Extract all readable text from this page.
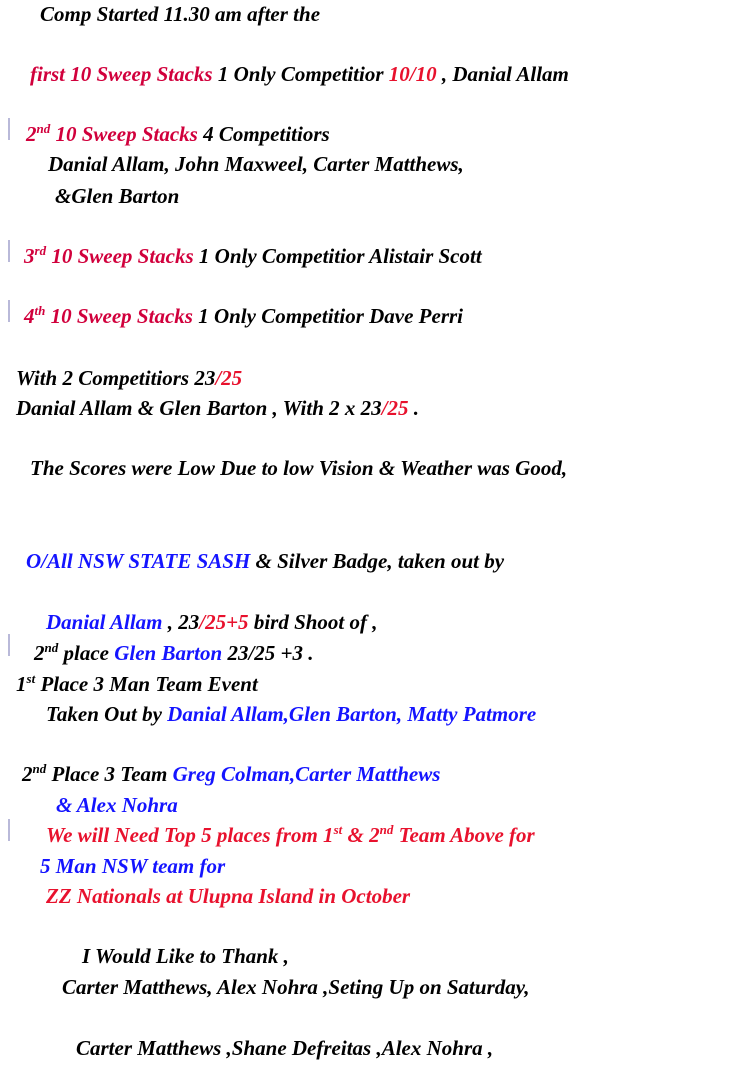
Comp Started 11.30 am after the
first 10 Sweep Stacks 1 Only Competitior 10/10 , Danial Allam
2nd 10 Sweep Stacks 4 Competitiors
Danial Allam, John Maxweel, Carter Matthews,
&Glen Barton
3rd 10 Sweep Stacks 1 Only Competitior Alistair Scott
4th 10 Sweep Stacks 1 Only Competitior Dave Perri
With 2 Competitiors 23/25
Danial Allam & Glen Barton , With 2 x 23/25 .
The Scores were Low Due to low Vision & Weather was Good,
O/All NSW STATE SASH & Silver Badge, taken out by
Danial Allam , 23/25+5 bird Shoot of ,
2nd place Glen Barton 23/25 +3 .
1st Place 3 Man Team Event
Taken Out by Danial Allam,Glen Barton, Matty Patmore
2nd Place 3 Team Greg Colman,Carter Matthews
& Alex Nohra
We will Need Top 5 places from 1st & 2nd Team Above for
5 Man NSW team for
ZZ Nationals at Ulupna Island in October
I Would Like to Thank ,
Carter Matthews, Alex Nohra ,Seting Up on Saturday,
Carter Matthews ,Shane Defreitas ,Alex Nohra ,
